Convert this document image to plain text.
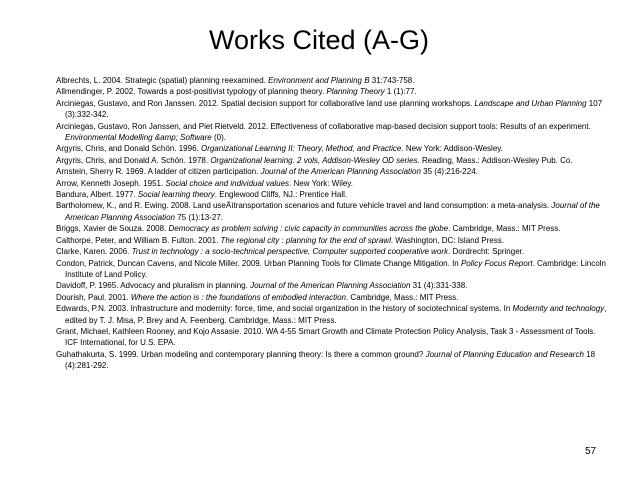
Works Cited (A-G)
Albrechts, L. 2004. Strategic (spatial) planning reexamined. Environment and Planning B 31:743-758.
Allmendinger, P. 2002. Towards a post-positivist typology of planning theory. Planning Theory 1 (1):77.
Arciniegas, Gustavo, and Ron Janssen. 2012. Spatial decision support for collaborative land use planning workshops. Landscape and Urban Planning 107 (3):332-342.
Arciniegas, Gustavo, Ron Janssen, and Piet Rietveld. 2012. Effectiveness of collaborative map-based decision support tools: Results of an experiment. Environmental Modelling &amp; Software (0).
Argyris, Chris, and Donald Schön. 1996. Organizational Learning II: Theory, Method, and Practice. New York: Addison-Wesley.
Argyris, Chris, and Donald A. Schön. 1978. Organizational learning. 2 vols, Addison-Wesley OD series. Reading, Mass.: Addison-Wesley Pub. Co.
Arnstein, Sherry R. 1969. A ladder of citizen participation. Journal of the American Planning Association 35 (4):216-224.
Arrow, Kenneth Joseph. 1951. Social choice and individual values. New York: Wiley.
Bandura, Albert. 1977. Social learning theory. Englewood Cliffs, NJ.: Prentice Hall.
Bartholomew, K., and R. Ewing. 2008. Land useÄìtransportation scenarios and future vehicle travel and land consumption: a meta-analysis. Journal of the American Planning Association 75 (1):13-27.
Briggs, Xavier de Souza. 2008. Democracy as problem solving : civic capacity in communities across the globe. Cambridge, Mass.: MIT Press.
Calthorpe, Peter, and William B. Fulton. 2001. The regional city : planning for the end of sprawl. Washington, DC: Island Press.
Clarke, Karen. 2006. Trust in technology : a socio-technical perspective, Computer supported cooperative work. Dordrecht: Springer.
Condon, Patrick, Duncan Cavens, and Nicole Miller. 2009. Urban Planning Tools for Climate Change Mitigation. In Policy Focus Report. Cambridge: Lincoln Institute of Land Policy.
Davidoff, P. 1965. Advocacy and pluralism in planning. Journal of the American Planning Association 31 (4):331-338.
Dourish, Paul. 2001. Where the action is : the foundations of embodied interaction. Cambridge, Mass.: MIT Press.
Edwards, P.N. 2003. Infrastructure and modernity: force, time, and social organization in the history of sociotechnical systems. In Modernity and technology, edited by T. J. Misa, P. Brey and A. Feenberg. Cambridge, Mass.: MIT Press.
Grant, Michael, Kathleen Rooney, and Kojo Assasie. 2010. WA 4-55 Smart Growth and Climate Protection Policy Analysis, Task 3 - Assessment of Tools. ICF International, for U.S. EPA.
Guhathakurta, S. 1999. Urban modeling and contemporary planning theory: Is there a common ground? Journal of Planning Education and Research 18 (4):281-292.
57
